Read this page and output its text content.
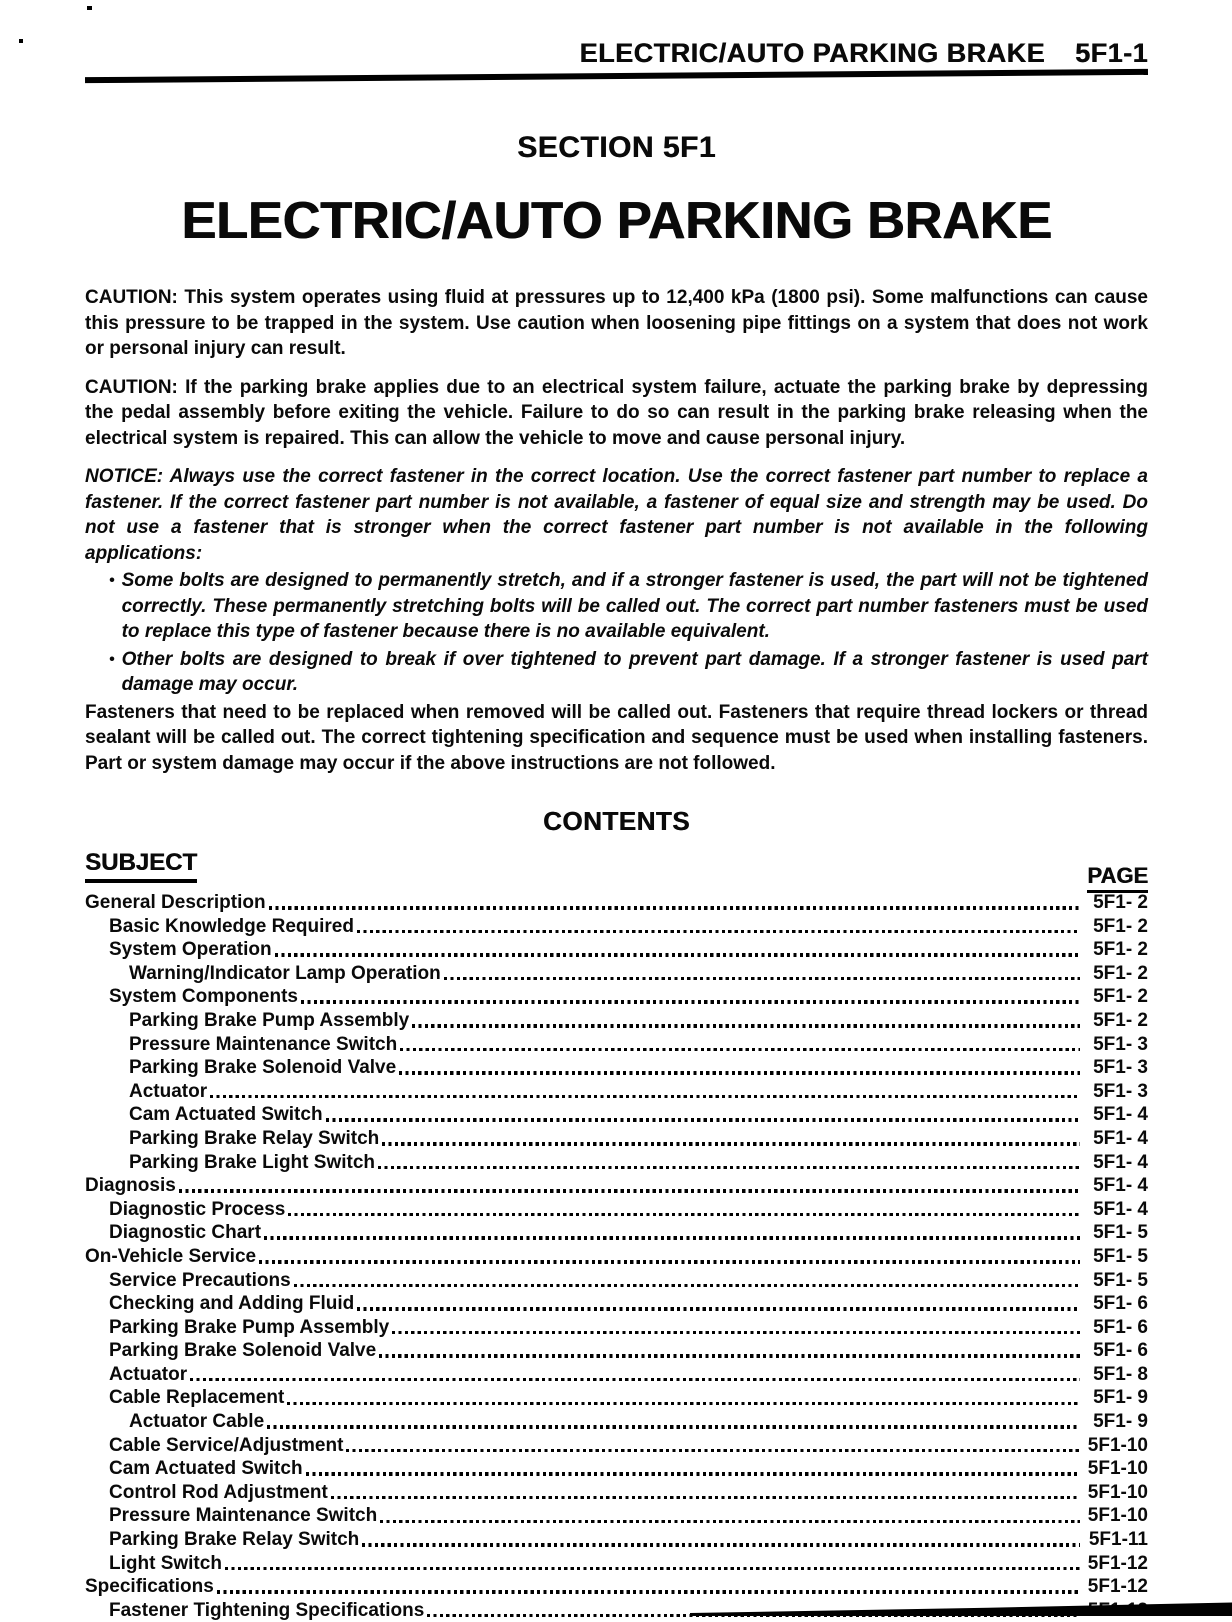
ELECTRIC/AUTO PARKING BRAKE 5F1-1
SECTION 5F1
ELECTRIC/AUTO PARKING BRAKE

CAUTION: This system operates using fluid at pressures up to 12,400 kPa (1800 psi). Some malfunctions can cause this pressure to be trapped in the system. Use caution when loosening pipe fittings on a system that does not work or personal injury can result.

CAUTION: If the parking brake applies due to an electrical system failure, actuate the parking brake by depressing the pedal assembly before exiting the vehicle. Failure to do so can result in the parking brake releasing when the electrical system is repaired. This can allow the vehicle to move and cause personal injury.

NOTICE: Always use the correct fastener in the correct location. Use the correct fastener part number to replace a fastener. If the correct fastener part number is not available, a fastener of equal size and strength may be used. Do not use a fastener that is stronger when the correct fastener part number is not available in the following applications:

• Some bolts are designed to permanently stretch, and if a stronger fastener is used, the part will not be tightened correctly. These permanently stretching bolts will be called out. The correct part number fasteners must be used to replace this type of fastener because there is no available equivalent.
• Other bolts are designed to break if over tightened to prevent part damage. If a stronger fastener is used part damage may occur.

Fasteners that need to be replaced when removed will be called out. Fasteners that require thread lockers or thread sealant will be called out. The correct tightening specification and sequence must be used when installing fasteners. Part or system damage may occur if the above instructions are not followed.

CONTENTS
SUBJECT	PAGE
General Description	5F1- 2
Basic Knowledge Required	5F1- 2
System Operation	5F1- 2
Warning/Indicator Lamp Operation	5F1- 2
System Components	5F1- 2
Parking Brake Pump Assembly	5F1- 2
Pressure Maintenance Switch	5F1- 3
Parking Brake Solenoid Valve	5F1- 3
Actuator	5F1- 3
Cam Actuated Switch	5F1- 4
Parking Brake Relay Switch	5F1- 4
Parking Brake Light Switch	5F1- 4
Diagnosis	5F1- 4
Diagnostic Process	5F1- 4
Diagnostic Chart	5F1- 5
On-Vehicle Service	5F1- 5
Service Precautions	5F1- 5
Checking and Adding Fluid	5F1- 6
Parking Brake Pump Assembly	5F1- 6
Parking Brake Solenoid Valve	5F1- 6
Actuator	5F1- 8
Cable Replacement	5F1- 9
Actuator Cable	5F1- 9
Cable Service/Adjustment	5F1-10
Cam Actuated Switch	5F1-10
Control Rod Adjustment	5F1-10
Pressure Maintenance Switch	5F1-10
Parking Brake Relay Switch	5F1-11
Light Switch	5F1-12
Specifications	5F1-12
Fastener Tightening Specifications
